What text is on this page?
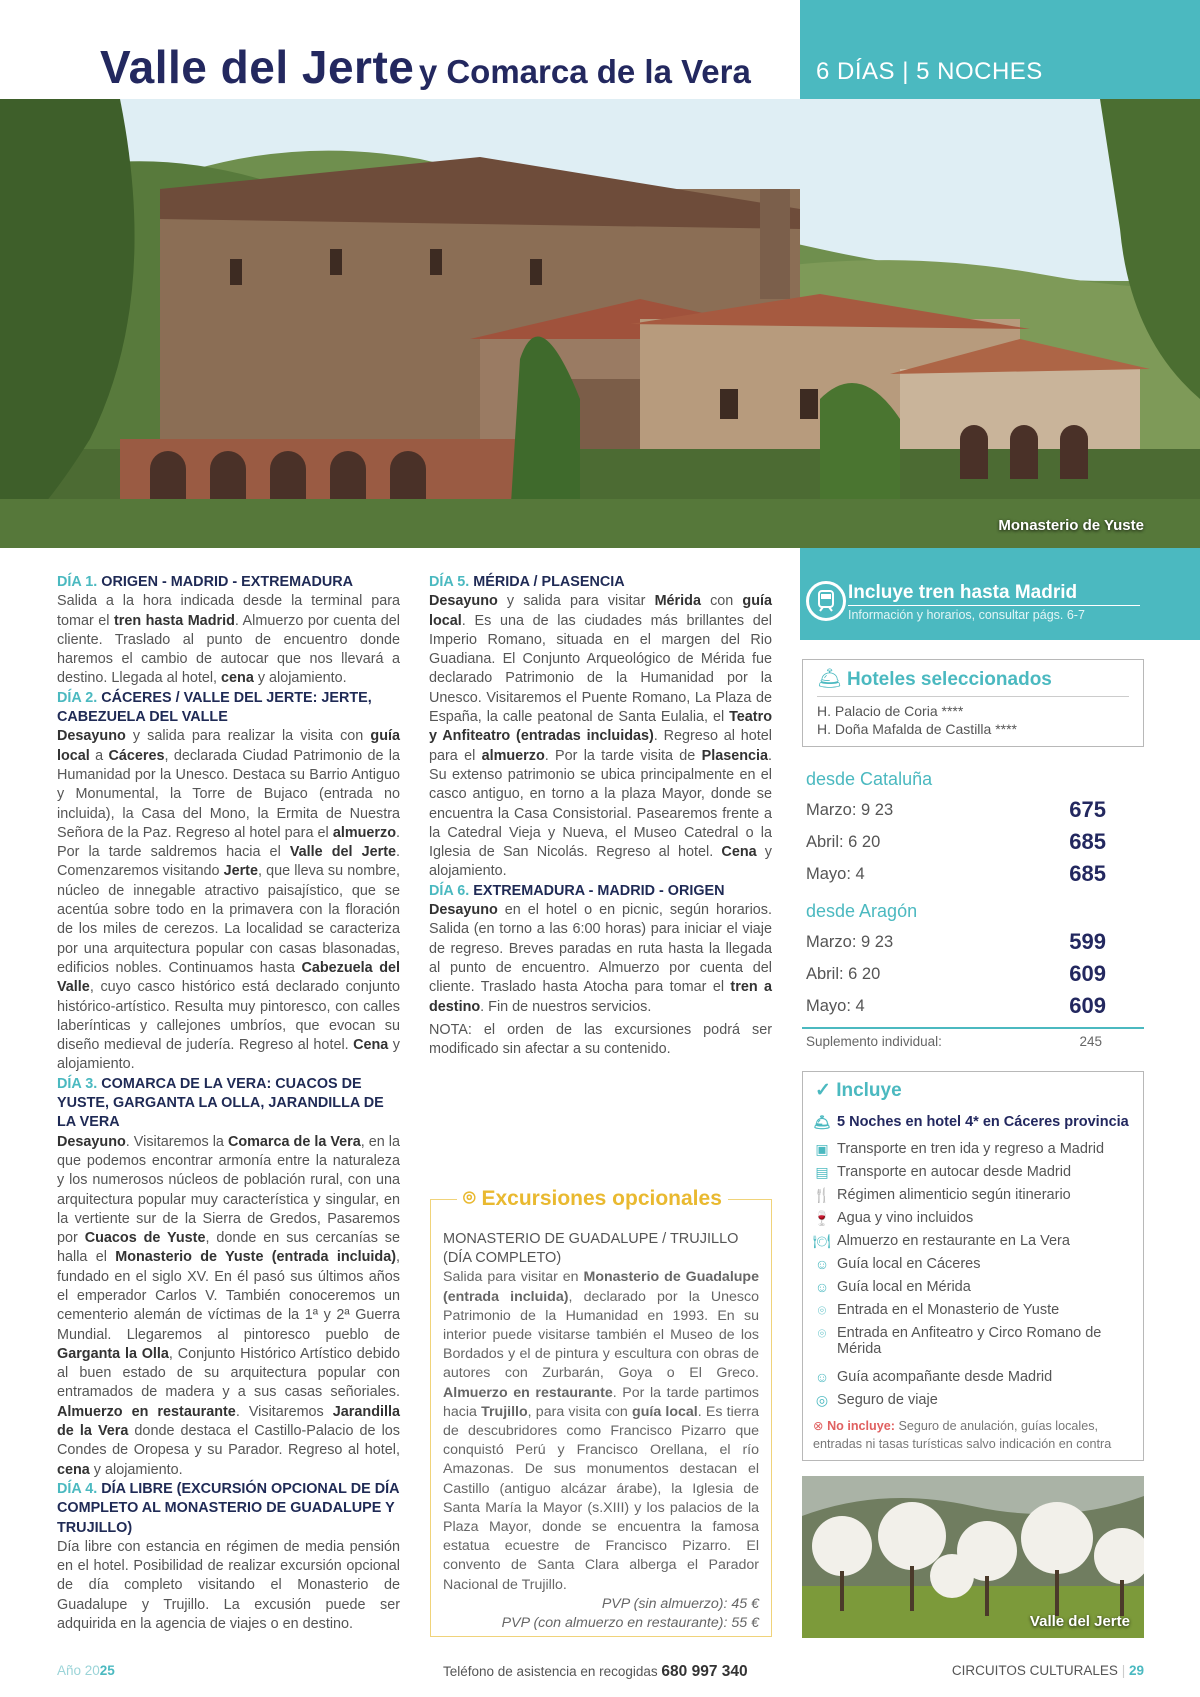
Valle del Jerte y Comarca de la Vera	6 DÍAS | 5 NOCHES
Monasterio de Yuste

DÍA 1. ORIGEN - MADRID - EXTREMADURA

Salida a la hora indicada desde la terminal para tomar el tren hasta Madrid. Almuerzo por cuenta del cliente. Traslado al punto de encuentro donde haremos el cambio de autocar que nos llevará a destino. Llegada al hotel, cena y alojamiento.

DÍA 2. CÁCERES / VALLE DEL JERTE: JERTE, CABEZUELA DEL VALLE

Desayuno y salida para realizar la visita con guía local a Cáceres, declarada Ciudad Patrimonio de la Humanidad por la Unesco. Destaca su Barrio Antiguo y Monumental, la Torre de Bujaco (entrada no incluida), la Casa del Mono, la Ermita de Nuestra Señora de la Paz. Regreso al hotel para el almuerzo. Por la tarde saldremos hacia el Valle del Jerte. Comenzaremos visitando Jerte, que lleva su nombre, núcleo de innegable atractivo paisajístico, que se acentúa sobre todo en la primavera con la floración de los miles de cerezos. La localidad se caracteriza por una arquitectura popular con casas blasonadas, edificios nobles. Continuamos hasta Cabezuela del Valle, cuyo casco histórico está declarado conjunto histórico-artístico. Resulta muy pintoresco, con calles laberínticas y callejones umbríos, que evocan su diseño medieval de judería. Regreso al hotel. Cena y alojamiento.

DÍA 3. COMARCA DE LA VERA: CUACOS DE YUSTE, GARGANTA LA OLLA, JARANDILLA DE LA VERA

Desayuno. Visitaremos la Comarca de la Vera, en la que podemos encontrar armonía entre la naturaleza y los numerosos núcleos de población rural, con una arquitectura popular muy característica y singular, en la vertiente sur de la Sierra de Gredos, Pasaremos por Cuacos de Yuste, donde en sus cercanías se halla el Monasterio de Yuste (entrada incluida), fundado en el siglo XV. En él pasó sus últimos años el emperador Carlos V. También conoceremos un cementerio alemán de víctimas de la 1ª y 2ª Guerra Mundial. Llegaremos al pintoresco pueblo de Garganta la Olla, Conjunto Histórico Artístico debido al buen estado de su arquitectura popular con entramados de madera y a sus casas señoriales. Almuerzo en restaurante. Visitaremos Jarandilla de la Vera donde destaca el Castillo-Palacio de los Condes de Oropesa y su Parador. Regreso al hotel, cena y alojamiento.

DÍA 4. DÍA LIBRE (EXCURSIÓN OPCIONAL DE DÍA COMPLETO AL MONASTERIO DE GUADALUPE Y TRUJILLO)

Día libre con estancia en régimen de media pensión en el hotel. Posibilidad de realizar excursión opcional de día completo visitando el Monasterio de Guadalupe y Trujillo. La excusión puede ser adquirida en la agencia de viajes o en destino.

DÍA 5. MÉRIDA / PLASENCIA

Desayuno y salida para visitar Mérida con guía local. Es una de las ciudades más brillantes del Imperio Romano, situada en el margen del Rio Guadiana. El Conjunto Arqueológico de Mérida fue declarado Patrimonio de la Humanidad por la Unesco. Visitaremos el Puente Romano, La Plaza de España, la calle peatonal de Santa Eulalia, el Teatro y Anfiteatro (entradas incluidas). Regreso al hotel para el almuerzo. Por la tarde visita de Plasencia. Su extenso patrimonio se ubica principalmente en el casco antiguo, en torno a la plaza Mayor, donde se encuentra la Casa Consistorial. Pasearemos frente a la Catedral Vieja y Nueva, el Museo Catedral o la Iglesia de San Nicolás. Regreso al hotel. Cena y alojamiento.

DÍA 6. EXTREMADURA - MADRID - ORIGEN

Desayuno en el hotel o en picnic, según horarios. Salida (en torno a las 6:00 horas) para iniciar el viaje de regreso. Breves paradas en ruta hasta la llegada al punto de encuentro. Almuerzo por cuenta del cliente. Traslado hasta Atocha para tomar el tren a destino. Fin de nuestros servicios.

NOTA: el orden de las excursiones podrá ser modificado sin afectar a su contenido.

⌾ Excursiones opcionales
MONASTERIO DE GUADALUPE / TRUJILLO (DÍA COMPLETO)

Salida para visitar en Monasterio de Guadalupe (entrada incluida), declarado por la Unesco Patrimonio de la Humanidad en 1993. En su interior puede visitarse también el Museo de los Bordados y el de pintura y escultura con obras de autores con Zurbarán, Goya o El Greco. Almuerzo en restaurante. Por la tarde partimos hacia Trujillo, para visita con guía local. Es tierra de descubridores como Francisco Pizarro que conquistó Perú y Francisco Orellana, el río Amazonas. De sus monumentos destacan el Castillo (antiguo alcázar árabe), la Iglesia de Santa María la Mayor (s.XIII) y los palacios de la Plaza Mayor, donde se encuentra la famosa estatua ecuestre de Francisco Pizarro. El convento de Santa Clara alberga el Parador Nacional de Trujillo.

PVP (sin almuerzo): 45 €
PVP (con almuerzo en restaurante): 55 €
Incluye tren hasta Madrid
Información y horarios, consultar págs. 6-7
🛎 Hoteles seleccionados
H. Palacio de Coria ****
H. Doña Mafalda de Castilla ****
desde Cataluña
Marzo: 9 23	675
Abril: 6 20	685
Mayo: 4	685
desde Aragón
Marzo: 9 23	599
Abril: 6 20	609
Mayo: 4	609
Suplemento individual:	245
✓ Incluye
🛎 5 Noches en hotel 4* en Cáceres provincia
▣ Transporte en tren ida y regreso a Madrid
▤ Transporte en autocar desde Madrid
🍴 Régimen alimenticio según itinerario
🍷 Agua y vino incluidos
🍽 Almuerzo en restaurante en La Vera
☺ Guía local en Cáceres
☺ Guía local en Mérida
⌾ Entrada en el Monasterio de Yuste
⌾ Entrada en Anfiteatro y Circo Romano de Mérida
☺ Guía acompañante desde Madrid
◎ Seguro de viaje
⊗ No incluye: Seguro de anulación, guías locales, entradas ni tasas turísticas salvo indicación en contra
Valle del Jerte
Año 2025	Teléfono de asistencia en recogidas 680 997 340	CIRCUITOS CULTURALES | 29
